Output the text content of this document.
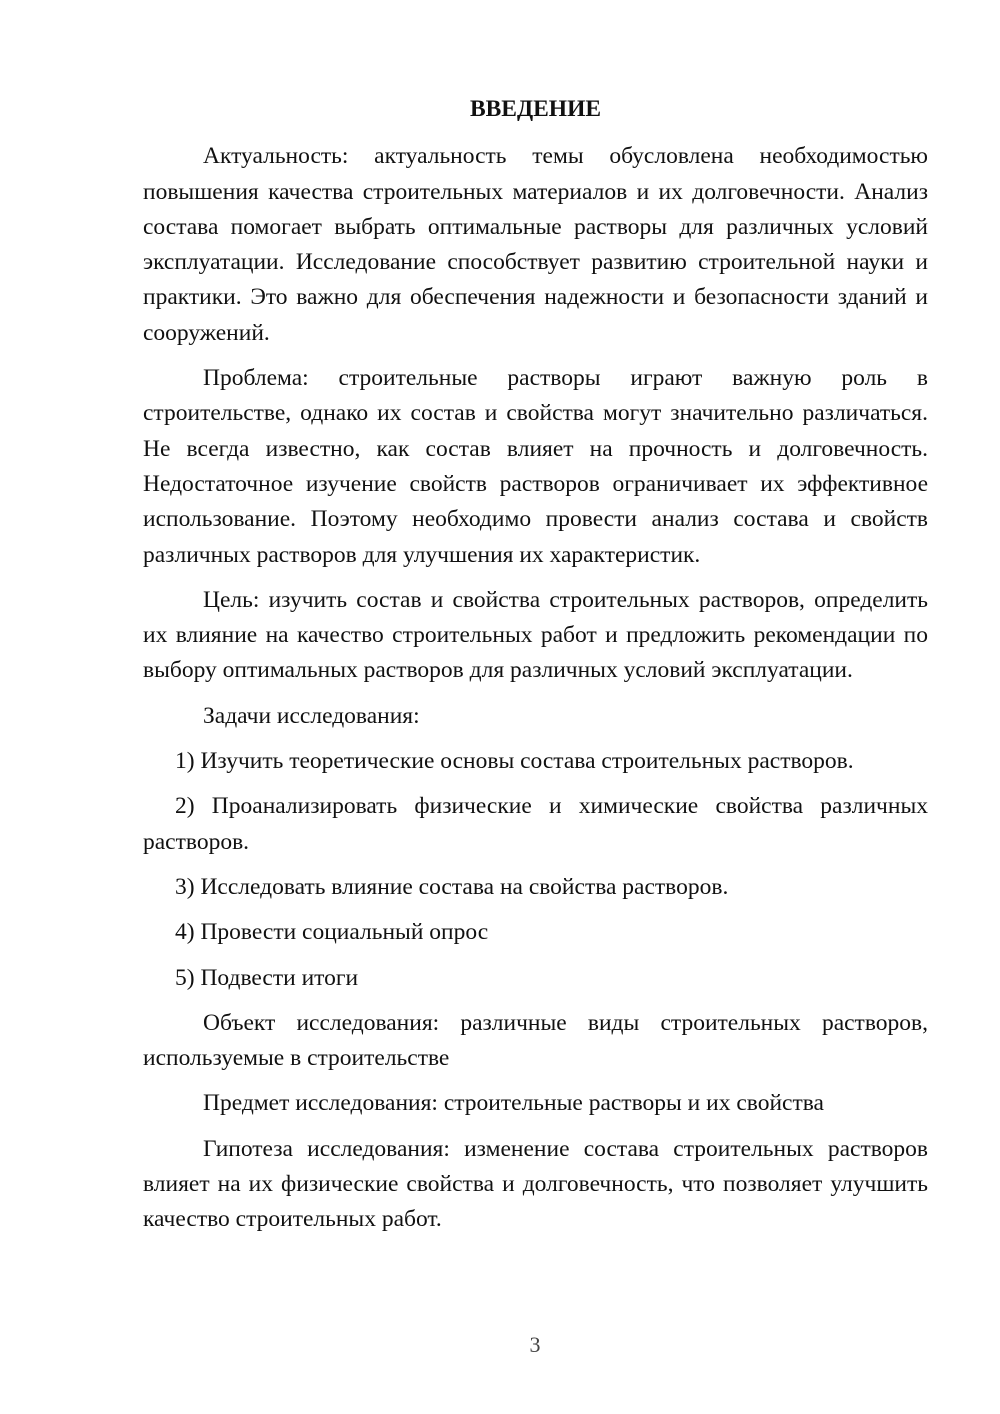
ВВЕДЕНИЕ

Актуальность: актуальность темы обусловлена необходимостью повышения качества строительных материалов и их долговечности. Анализ состава помогает выбрать оптимальные растворы для различных условий эксплуатации. Исследование способствует развитию строительной науки и практики. Это важно для обеспечения надежности и безопасности зданий и сооружений.

Проблема: строительные растворы играют важную роль в строительстве, однако их состав и свойства могут значительно различаться. Не всегда известно, как состав влияет на прочность и долговечность. Недостаточное изучение свойств растворов ограничивает их эффективное использование. Поэтому необходимо провести анализ состава и свойств различных растворов для улучшения их характеристик.

Цель: изучить состав и свойства строительных растворов, определить их влияние на качество строительных работ и предложить рекомендации по выбору оптимальных растворов для различных условий эксплуатации.

Задачи исследования:

1) Изучить теоретические основы состава строительных растворов.

2) Проанализировать физические и химические свойства различных растворов.

3) Исследовать влияние состава на свойства растворов.

4) Провести социальный опрос

5) Подвести итоги

Объект исследования: различные виды строительных растворов, используемые в строительстве

Предмет исследования: строительные растворы и их свойства

Гипотеза исследования: изменение состава строительных растворов влияет на их физические свойства и долговечность, что позволяет улучшить качество строительных работ.

3
